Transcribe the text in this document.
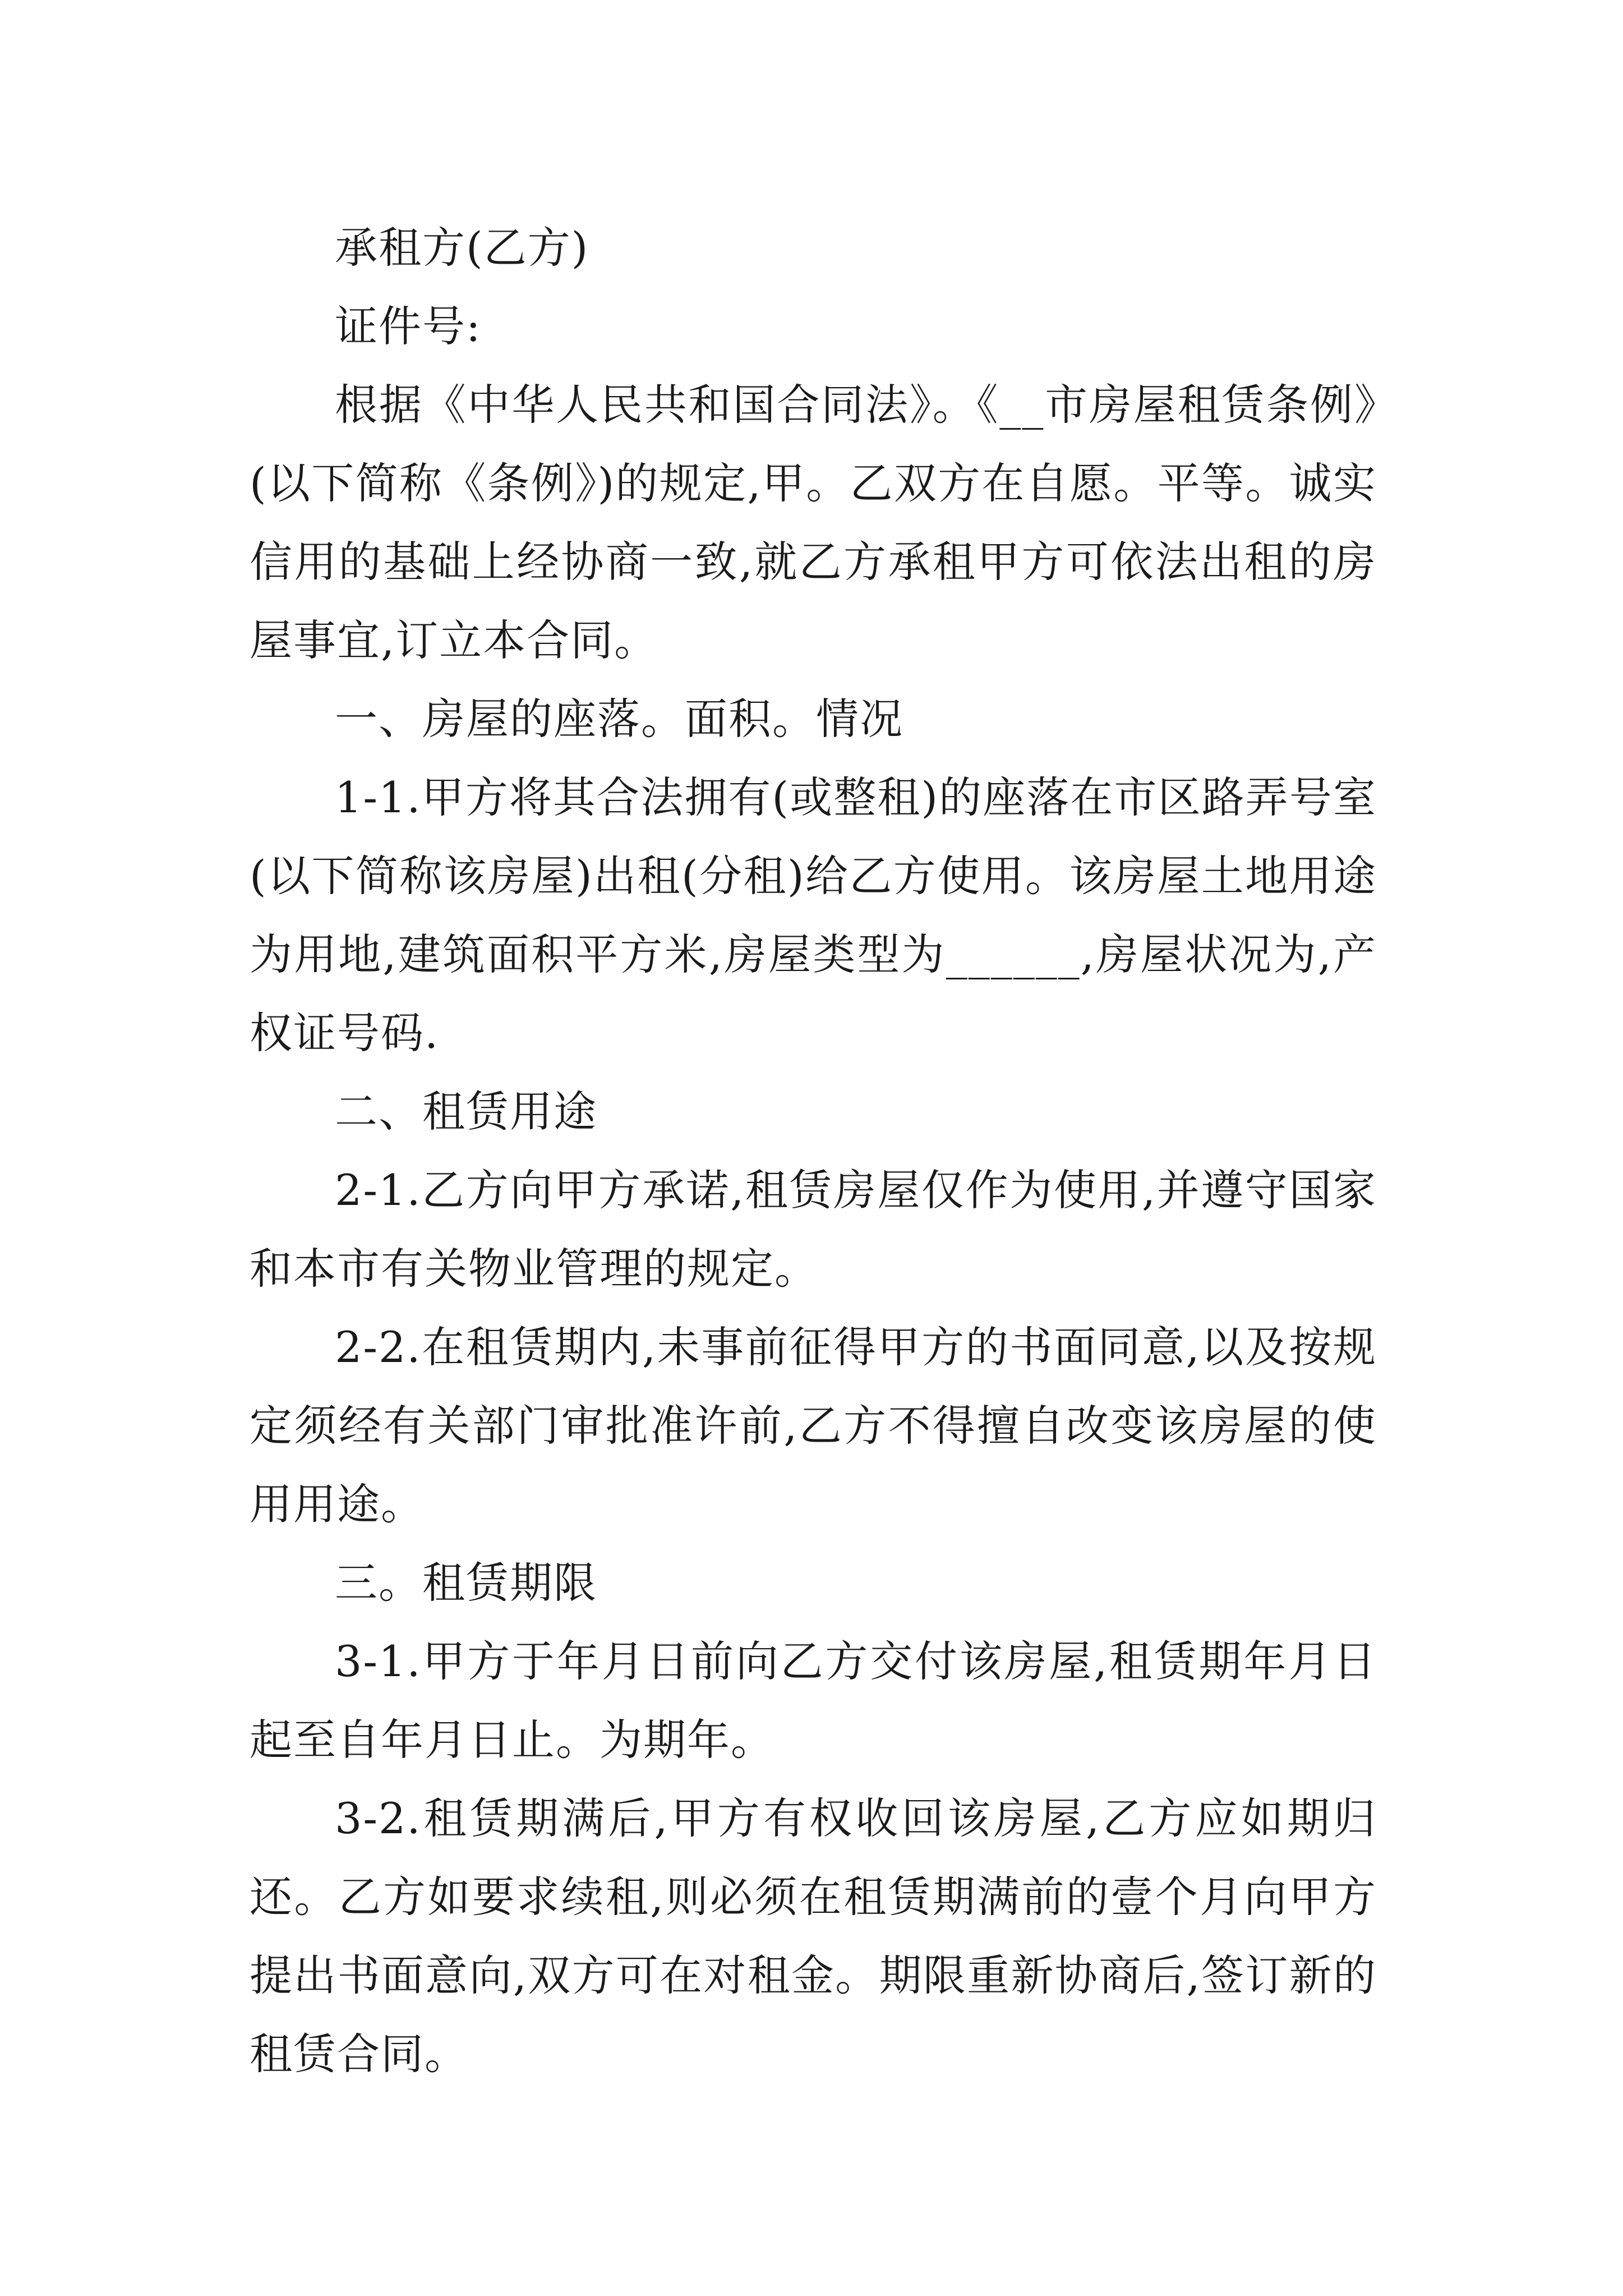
承租方(乙方)

证件号:

根据《中华人民共和国合同法》。《__市房屋租赁条例》(以下简称《条例》)的规定,甲。乙双方在自愿。平等。诚实信用的基础上经协商一致,就乙方承租甲方可依法出租的房屋事宜,订立本合同。

一、房屋的座落。面积。情况

1-1.甲方将其合法拥有(或整租)的座落在市区路弄号室(以下简称该房屋)出租(分租)给乙方使用。该房屋土地用途为用地,建筑面积平方米,房屋类型为______,房屋状况为,产权证号码.

二、租赁用途

2-1.乙方向甲方承诺,租赁房屋仅作为使用,并遵守国家和本市有关物业管理的规定。

2-2.在租赁期内,未事前征得甲方的书面同意,以及按规定须经有关部门审批准许前,乙方不得擅自改变该房屋的使用用途。

三。租赁期限

3-1.甲方于年月日前向乙方交付该房屋,租赁期年月日起至自年月日止。为期年。

3-2.租赁期满后,甲方有权收回该房屋,乙方应如期归还。乙方如要求续租,则必须在租赁期满前的壹个月向甲方提出书面意向,双方可在对租金。期限重新协商后,签订新的租赁合同。
